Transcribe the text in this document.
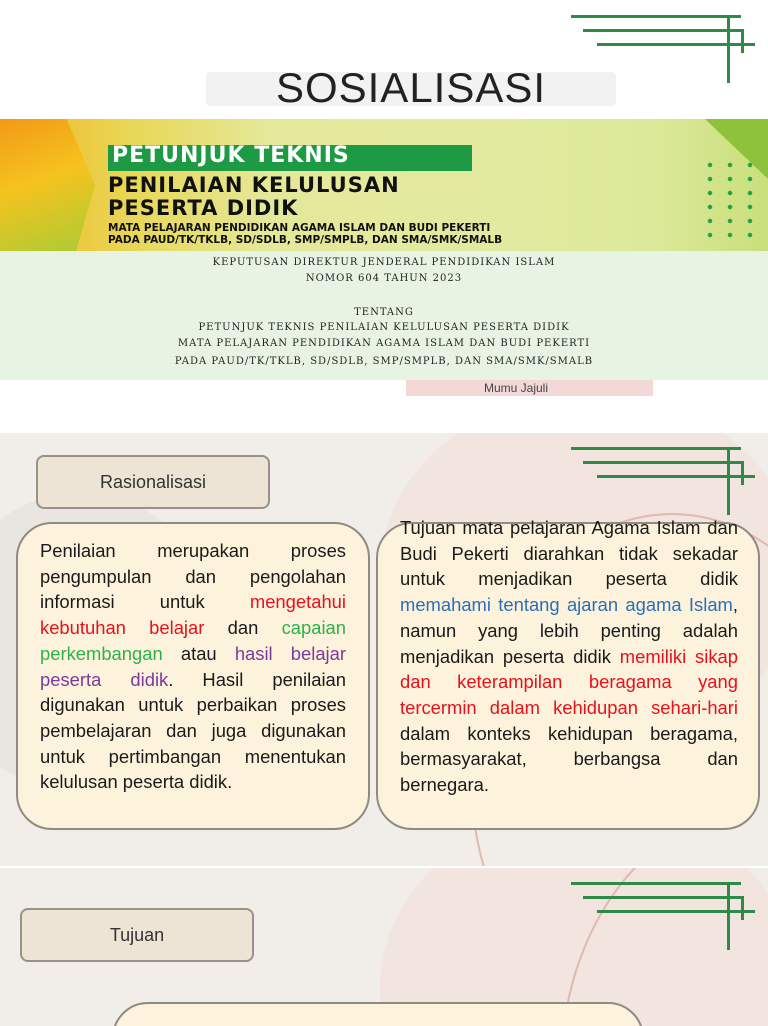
SOSIALISASI
PETUNJUK TEKNIS
PENILAIAN KELULUSAN
PESERTA DIDIK
MATA PELAJARAN PENDIDIKAN AGAMA ISLAM DAN BUDI PEKERTI
PADA PAUD/TK/TKLB, SD/SDLB, SMP/SMPLB, DAN SMA/SMK/SMALB
KEPUTUSAN DIREKTUR JENDERAL PENDIDIKAN ISLAM
NOMOR 604 TAHUN 2023
TENTANG
PETUNJUK TEKNIS PENILAIAN KELULUSAN PESERTA DIDIK
MATA PELAJARAN PENDIDIKAN AGAMA ISLAM DAN BUDI PEKERTI
PADA PAUD/TK/TKLB, SD/SDLB, SMP/SMPLB, DAN SMA/SMK/SMALB
Mumu Jajuli
Rasionalisasi
Penilaian merupakan proses pengumpulan dan pengolahan informasi untuk mengetahui kebutuhan belajar dan capaian perkembangan atau hasil belajar peserta didik. Hasil penilaian digunakan untuk perbaikan proses pembelajaran dan juga digunakan untuk pertimbangan menentukan kelulusan peserta didik.
Tujuan mata pelajaran Agama Islam dan Budi Pekerti diarahkan tidak sekadar untuk menjadikan peserta didik memahami tentang ajaran agama Islam, namun yang lebih penting adalah menjadikan peserta didik memiliki sikap dan keterampilan beragama yang tercermin dalam kehidupan sehari-hari dalam konteks kehidupan beragama, bermasyarakat, berbangsa dan bernegara.
Tujuan
